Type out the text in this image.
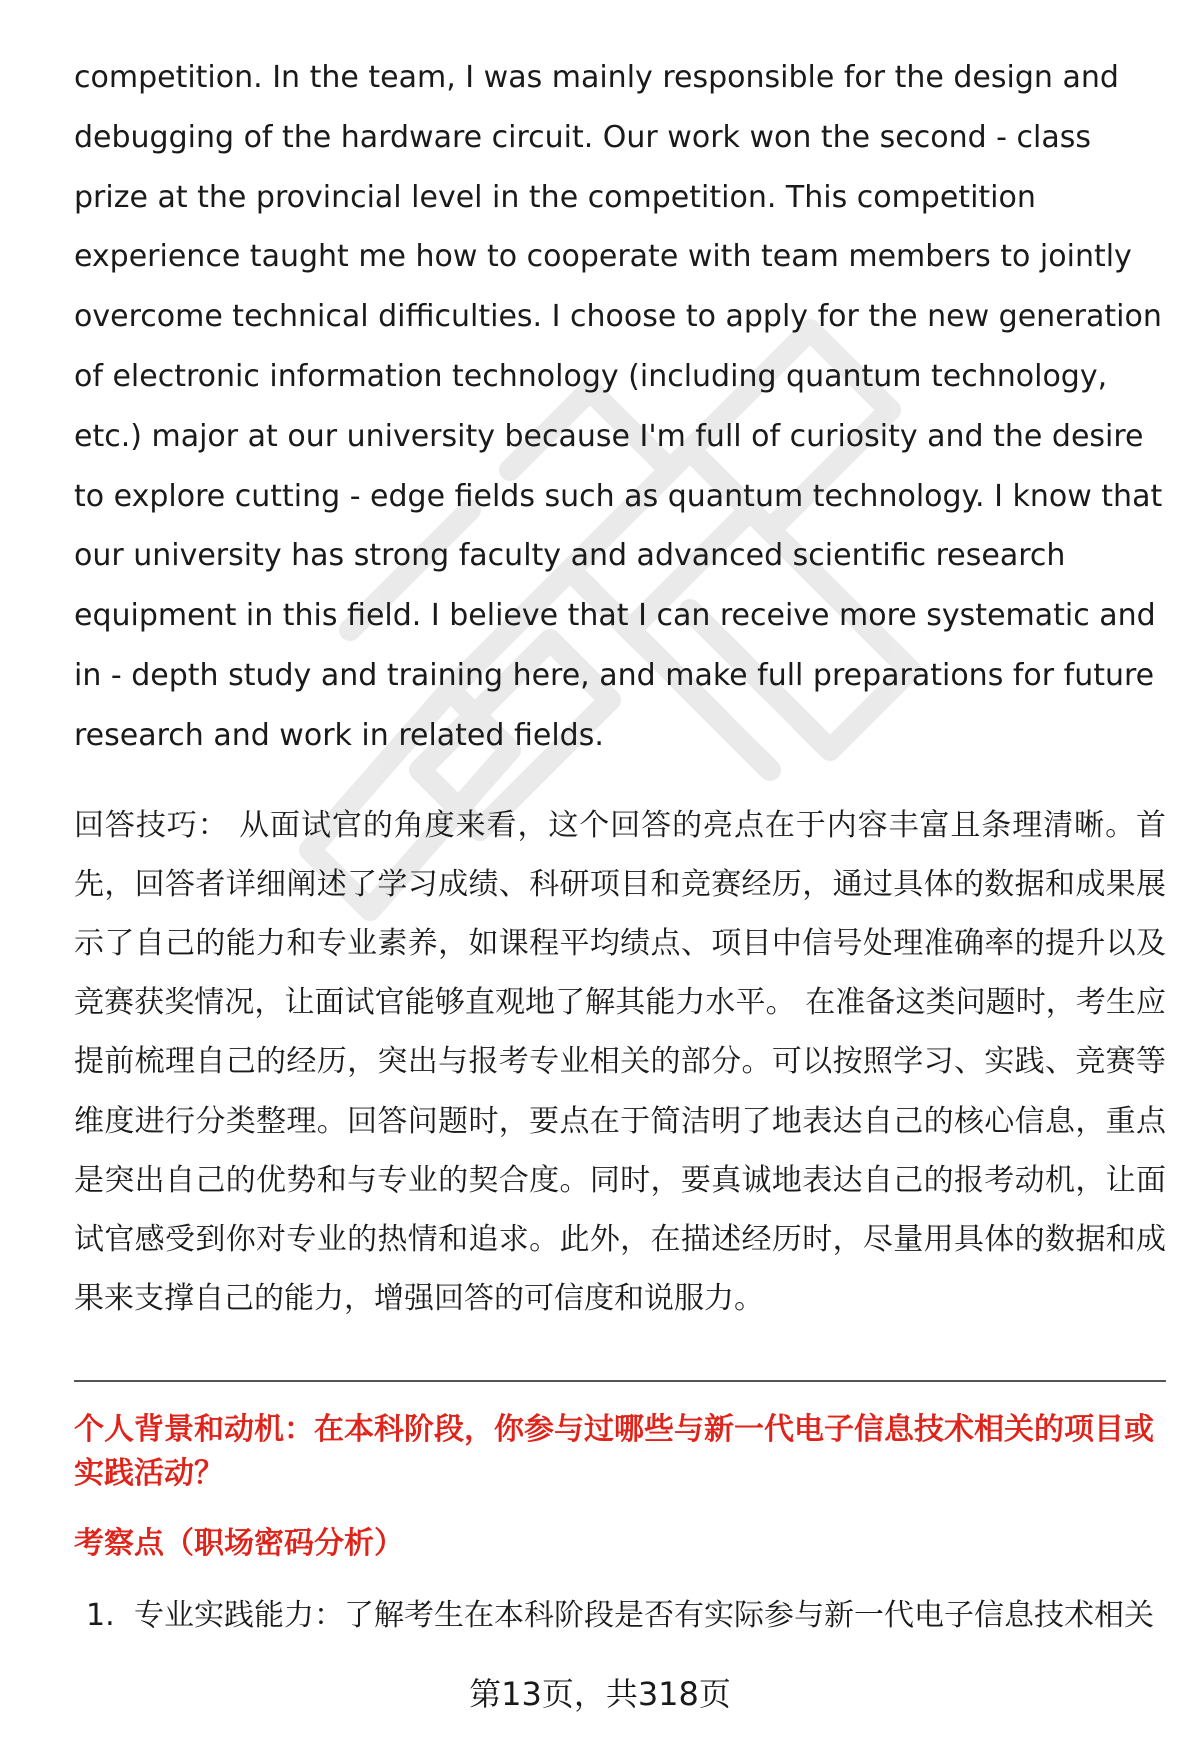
competition. In the team, I was mainly responsible for the design and debugging of the hardware circuit. Our work won the second - class prize at the provincial level in the competition. This competition experience taught me how to cooperate with team members to jointly overcome technical difficulties. I choose to apply for the new generation of electronic information technology (including quantum technology, etc.) major at our university because I'm full of curiosity and the desire to explore cutting - edge fields such as quantum technology. I know that our university has strong faculty and advanced scientific research equipment in this field. I believe that I can receive more systematic and in - depth study and training here, and make full preparations for future research and work in related fields.

回答技巧： 从面试官的角度来看，这个回答的亮点在于内容丰富且条理清晰。首先，回答者详细阐述了学习成绩、科研项目和竞赛经历，通过具体的数据和成果展示了自己的能力和专业素养，如课程平均绩点、项目中信号处理准确率的提升以及竞赛获奖情况，让面试官能够直观地了解其能力水平。 在准备这类问题时，考生应提前梳理自己的经历，突出与报考专业相关的部分。可以按照学习、实践、竞赛等维度进行分类整理。回答问题时，要点在于简洁明了地表达自己的核心信息，重点是突出自己的优势和与专业的契合度。同时，要真诚地表达自己的报考动机，让面试官感受到你对专业的热情和追求。此外，在描述经历时，尽量用具体的数据和成果来支撑自己的能力，增强回答的可信度和说服力。

个人背景和动机：在本科阶段，你参与过哪些与新一代电子信息技术相关的项目或实践活动？
考察点（职场密码分析）
1. 专业实践能力：了解考生在本科阶段是否有实际参与新一代电子信息技术相关
第13页，共318页
